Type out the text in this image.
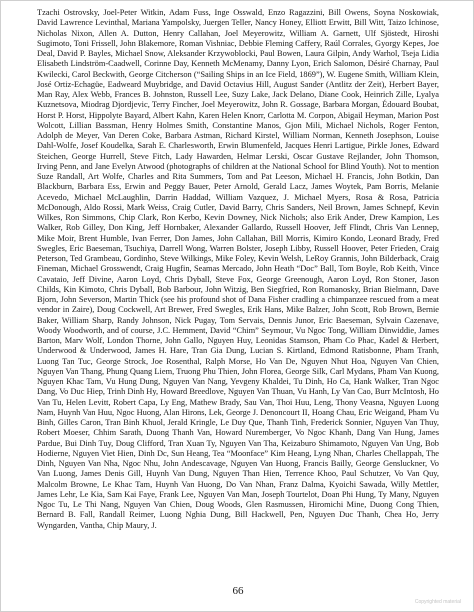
Tzachi Ostrovsky, Joel-Peter Witkin, Adam Fuss, Inge Osswald, Enzo Ragazzini, Bill Owens, Soyna Noskowiak, David Lawrence Levinthal, Mariana Yampolsky, Juergen Teller, Nancy Honey, Elliott Erwitt, Bill Witt, Taizo Ichinose, Nicholas Nixon, Allen A. Dutton, Henry Callahan, Joel Meyerowitz, William A. Garnett, Ulf Sjöstedt, Hiroshi Sugimoto, Toni Frissell, John Blakemore, Roman Vishniac, Debbie Fleming Caffery, Raúl Corrales, Gyorgy Kepes, Joe Deal, David P. Bayles, Michael Snow, Aleksander Krzywoblocki, Paul Bowen, Laura Gilpin, Andy Warhol, Tseja Lidia Elisabeth Lindström-Caadwell, Corinne Day, Kenneth McMenamy, Danny Lyon, Erich Salomon, Désiré Charnay, Paul Kwilecki, Carol Beckwith, George Citcherson (“Sailing Ships in an Ice Field, 1869”), W. Eugene Smith, William Klein, José Ortiz-Echagüe, Eadweard Muybridge, and David Octavius Hill, August Sander (Antlitz der Zeit), Herbert Bayer, Man Ray, Alex Webb, Frances B. Johnston, Russell Lee, Suzy Lake, Jack Delano, Diane Cook, Heinrich Zille, Lyalya Kuznetsova, Miodrag Djordjevic, Terry Fincher, Joel Meyerowitz, John R. Gossage, Barbara Morgan, Édouard Boubat, Horst P. Horst, Hippolyte Bayard, Albert Kahn, Karen Helen Knorr, Carlotta M. Corpon, Abigail Heyman, Marion Post Wolcott, Lillian Bassman, Henry Holmes Smith, Constantine Manos, Gjon Mili, Michael Nichols, Roger Fenton, Adolph de Meyer, Van Deren Coke, Barbara Astman, Richard Kirstel, William Norman, Kenneth Josephson, Louise Dahl-Wolfe, Josef Koudelka, Sarah E. Charlesworth, Erwin Blumenfeld, Jacques Henri Lartigue, Pirkle Jones, Edward Steichen, George Hurrell, Steve Fitch, Lady Hawarden, Helmar Lerski, Oscar Gustave Rejlander, John Thomson, Irving Penn, and Jane Evelyn Atwood (photographs of children at the National School for Blind Youth). Not to mention Suze Randall, Art Wolfe, Charles and Rita Summers, Tom and Pat Leeson, Michael H. Francis, John Botkin, Dan Blackburn, Barbara Ess, Erwin and Peggy Bauer, Peter Arnold, Gerald Lacz, James Woytek, Pam Borris, Melanie Acevedo, Michael McLaughlin, Darrin Haddad, William Vazquez, J. Michael Myers, Rosa & Rosa, Patricia McDonough, Aldo Rossi, Mark Weiss, Craig Cutler, David Barry, Chris Sanders, Neil Brown, James Schnepf, Kevin Wilkes, Ron Simmons, Chip Clark, Ron Kerbo, Kevin Downey, Nick Nichols; also Erik Ander, Drew Kampion, Les Walker, Rob Gilley, Don King, Jeff Hornbaker, Alexander Gallardo, Russell Hoover, Jeff Flindt, Chris Van Lennep, Mike Moir, Brent Humble, Ivan Ferrer, Don James, John Callahan, Bill Morris, Kimiro Kondo, Leonard Brady, Fred Swegles, Eric Baeseman, Tsuchiya, Darrell Wong, Warren Bolster, Joseph Libby, Russell Hoover, Peter Frieden, Craig Peterson, Ted Grambeau, Gordinho, Steve Wilkings, Mike Foley, Kevin Welsh, LeRoy Grannis, John Bilderback, Craig Fineman, Michael Grosswendt, Craig Hugfin, Seamas Mercado, John Heath “Doc” Ball, Tom Boyle, Rob Keith, Vince Cavataio, Jeff Divine, Aaron Loyd, Chris Dyball, Steve Fox, George Greenough, Aaron Loyd, Ron Stoner, Jason Childs, Kin Kimoto, Chris Dyball, Bob Barbour, John Witzig, Ben Siegfried, Ron Romanosky, Brian Bielmann, Dave Bjorn, John Severson, Martin Thick (see his profound shot of Dana Fisher cradling a chimpanzee rescued from a meat vendor in Zaire), Doug Cockwell, Art Brewer, Fred Swegles, Erik Hans, Mike Balzer, John Scott, Rob Brown, Bernie Baker, William Sharp, Randy Johnson, Nick Pugay, Tom Servais, Dennis Junor, Eric Baeseman, Sylvain Cazenave, Woody Woodworth, and of course, J.C. Hemment, David “Chim” Seymour, Vu Ngoc Tong, William Dinwiddie, James Barton, Marv Wolf, London Thorne, John Gallo, Nguyen Huy, Leonidas Stamson, Pham Co Phac, Kadel & Herbert, Underwood & Underwood, James H. Hare, Tran Gia Dung, Lucian S. Kirtland, Edmond Ratisbonne, Pham Tranh, Luong Tan Tuc, George Strock, Joe Rosenthal, Ralph Morse, Ho Van De, Nguyen Nhut Hoa, Nguyen Van Chien, Nguyen Van Thang, Phung Quang Liem, Truong Phu Thien, John Florea, George Silk, Carl Mydans, Pham Van Kuong, Nguyen Khac Tam, Vu Hung Dung, Nguyen Van Nang, Yevgeny Khaldei, Tu Dinh, Ho Ca, Hank Walker, Tran Ngoc Dang, Vo Duc Hiep, Trinh Dinh Hy, Howard Breedlove, Nguyen Van Thuan, Vu Hanh, Ly Van Cao, Burr McIntosh, Ho Van Tu, Helen Levitt, Robert Capa, Ly Eng, Mathew Brady, Sau Van, Thoi Huu, Leng, Thony Veasna, Nguyen Luong Nam, Huynh Van Huu, Ngoc Huong, Alan Hirons, Lek, George J. Denoncourt II, Hoang Chau, Eric Weigand, Pham Vu Binh, Gilles Caron, Tran Binh Khuol, Jerald Kringle, Le Duy Que, Thanh Tinh, Frederick Sonnier, Nguyen Van Thuy, Robert Moeser, Chhim Sarath, Duong Thanh Van, Howard Nuremberger, Vo Ngoc Khanh, Dang Van Hung, James Pardue, Bui Dinh Tuy, Doug Clifford, Tran Xuan Ty, Nguyen Van Tha, Keizaburo Shimamoto, Nguyen Van Ung, Bob Hodierne, Nguyen Viet Hien, Dinh Dc, Sun Heang, Tea “Moonface” Kim Heang, Lyng Nhan, Charles Chellappah, The Dinh, Nguyen Van Nha, Ngoc Nhu, John Andescavage, Nguyen Van Huong, Francis Bailly, George Gensluckner, Vo Van Luong, James Denis Gill, Huynh Van Dung, Nguyen Than Hien, Terrence Khoo, Paul Schutzer, Vo Van Quy, Malcolm Browne, Le Khac Tam, Huynh Van Huong, Do Van Nhan, Franz Dalma, Kyoichi Sawada, Willy Mettler, James Lehr, Le Kia, Sam Kai Faye, Frank Lee, Nguyen Van Man, Joseph Tourtelot, Doan Phi Hung, Ty Many, Nguyen Ngoc Tu, Le Thi Nang, Nguyen Van Chien, Doug Woods, Glen Rasmussen, Hiromichi Mine, Duong Cong Thien, Bernard B. Fall, Randall Reimer, Luong Nghia Dung, Bill Hackwell, Pen, Nguyen Duc Thanh, Chea Ho, Jerry Wyngarden, Vantha, Chip Maury, J.

66

Copyrighted material
